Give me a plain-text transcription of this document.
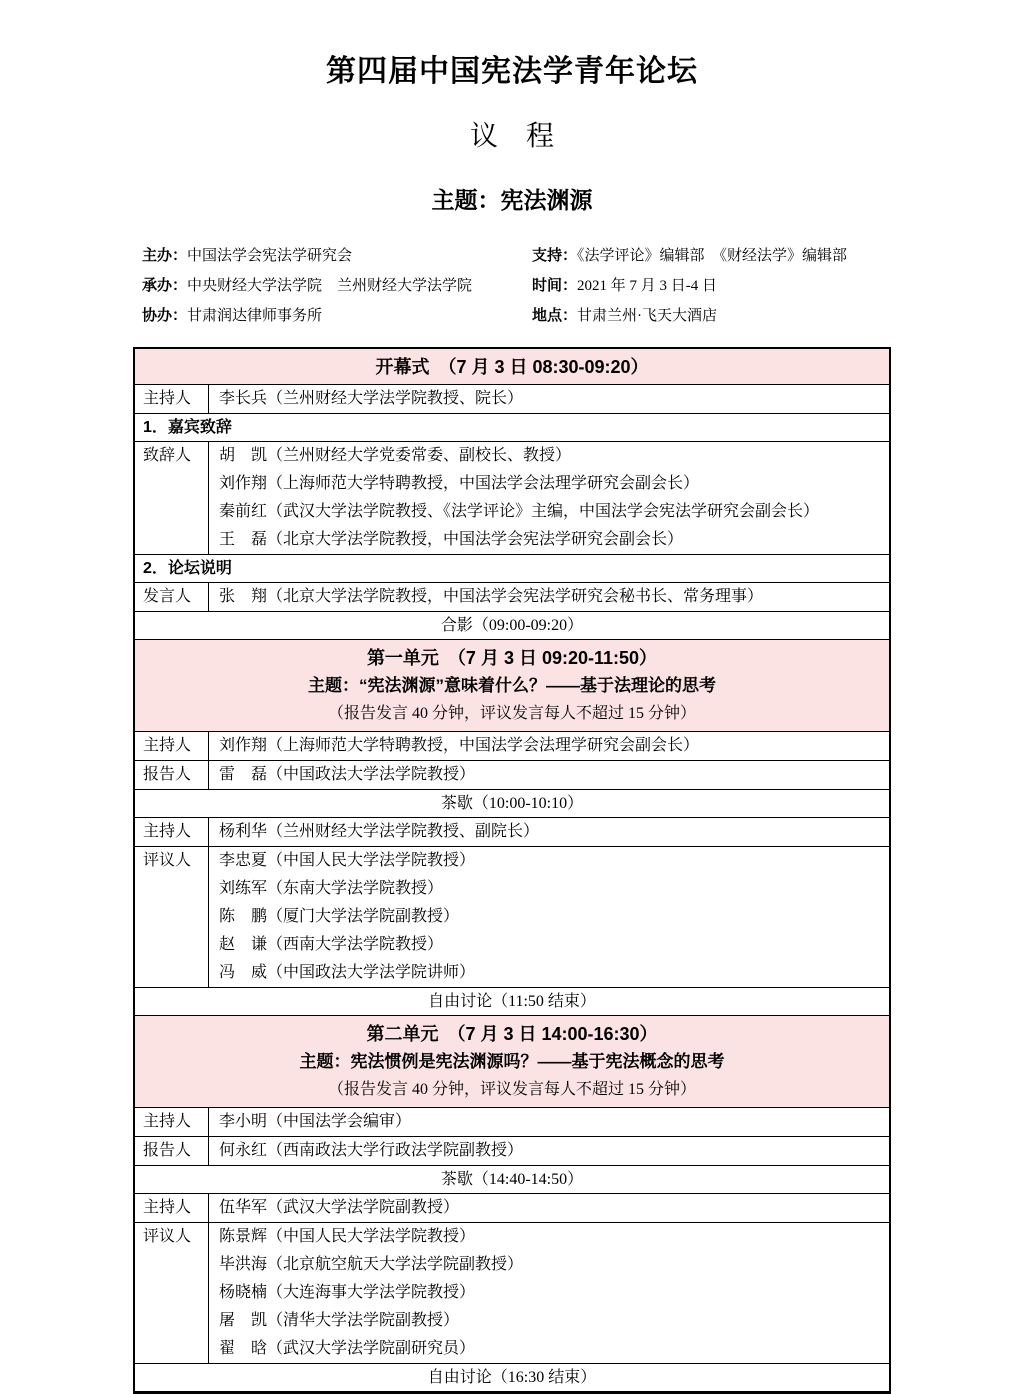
第四届中国宪法学青年论坛
议　程
主题：宪法渊源
主办：中国法学会宪法学研究会
承办：中央财经大学法学院　兰州财经大学法学院
协办：甘肃润达律师事务所
支持：《法学评论》编辑部　《财经法学》编辑部
时间：2021 年 7 月 3 日-4 日
地点：甘肃兰州·飞天大酒店
开幕式　（7 月 3 日 08:30-09:20）
主持人	李长兵（兰州财经大学法学院教授、院长）
1．嘉宾致辞
致辞人	胡　凯（兰州财经大学党委常委、副校长、教授）
刘作翔（上海师范大学特聘教授，中国法学会法理学研究会副会长）
秦前红（武汉大学法学院教授、《法学评论》主编，中国法学会宪法学研究会副会长）
王　磊（北京大学法学院教授，中国法学会宪法学研究会副会长）
2．论坛说明
发言人	张　翔（北京大学法学院教授，中国法学会宪法学研究会秘书长、常务理事）
合影（09:00-09:20）
第一单元　（7 月 3 日 09:20-11:50）
主题：“宪法渊源”意味着什么？——基于法理论的思考
（报告发言 40 分钟，评议发言每人不超过 15 分钟）
主持人	刘作翔（上海师范大学特聘教授，中国法学会法理学研究会副会长）
报告人	雷　磊（中国政法大学法学院教授）
茶歇（10:00-10:10）
主持人	杨利华（兰州财经大学法学院教授、副院长）
评议人	李忠夏（中国人民大学法学院教授）
刘练军（东南大学法学院教授）
陈　鹏（厦门大学法学院副教授）
赵　谦（西南大学法学院教授）
冯　威（中国政法大学法学院讲师）
自由讨论（11:50 结束）
第二单元　（7 月 3 日 14:00-16:30）
主题：宪法惯例是宪法渊源吗？——基于宪法概念的思考
（报告发言 40 分钟，评议发言每人不超过 15 分钟）
主持人	李小明（中国法学会编审）
报告人	何永红（西南政法大学行政法学院副教授）
茶歇（14:40-14:50）
主持人	伍华军（武汉大学法学院副教授）
评议人	陈景辉（中国人民大学法学院教授）
毕洪海（北京航空航天大学法学院副教授）
杨晓楠（大连海事大学法学院教授）
屠　凯（清华大学法学院副教授）
翟　晗（武汉大学法学院副研究员）
自由讨论（16:30 结束）
